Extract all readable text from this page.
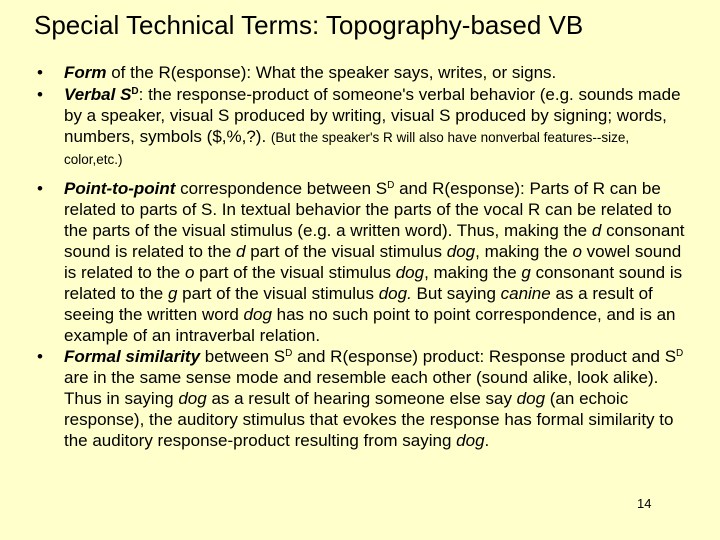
Special Technical Terms: Topography-based VB
•	Form of the R(esponse): What the speaker says, writes, or signs.
•	Verbal $S^D$: the response-product of someone's verbal behavior (e.g. sounds made by a speaker, visual S produced by writing, visual S produced by signing; words, numbers, symbols ($,%,?). (But the speaker's R will also have nonverbal features--size, color,etc.)
•	Point-to-point correspondence between $S^D$ and R(esponse): Parts of R can be related to parts of S. In textual behavior the parts of the vocal R can be related to the parts of the visual stimulus (e.g. a written word). Thus, making the d consonant sound is related to the d part of the visual stimulus dog, making the o vowel sound is related to the o part of the visual stimulus dog, making the g consonant sound is related to the g part of the visual stimulus dog. But saying canine as a result of seeing the written word dog has no such point to point correspondence, and is an example of an intraverbal relation.
•	Formal similarity between $S^D$ and R(esponse) product: Response product and $S^D$ are in the same sense mode and resemble each other (sound alike, look alike). Thus in saying dog as a result of hearing someone else say dog (an echoic response), the auditory stimulus that evokes the response has formal similarity to the auditory response-product resulting from saying dog.
14
